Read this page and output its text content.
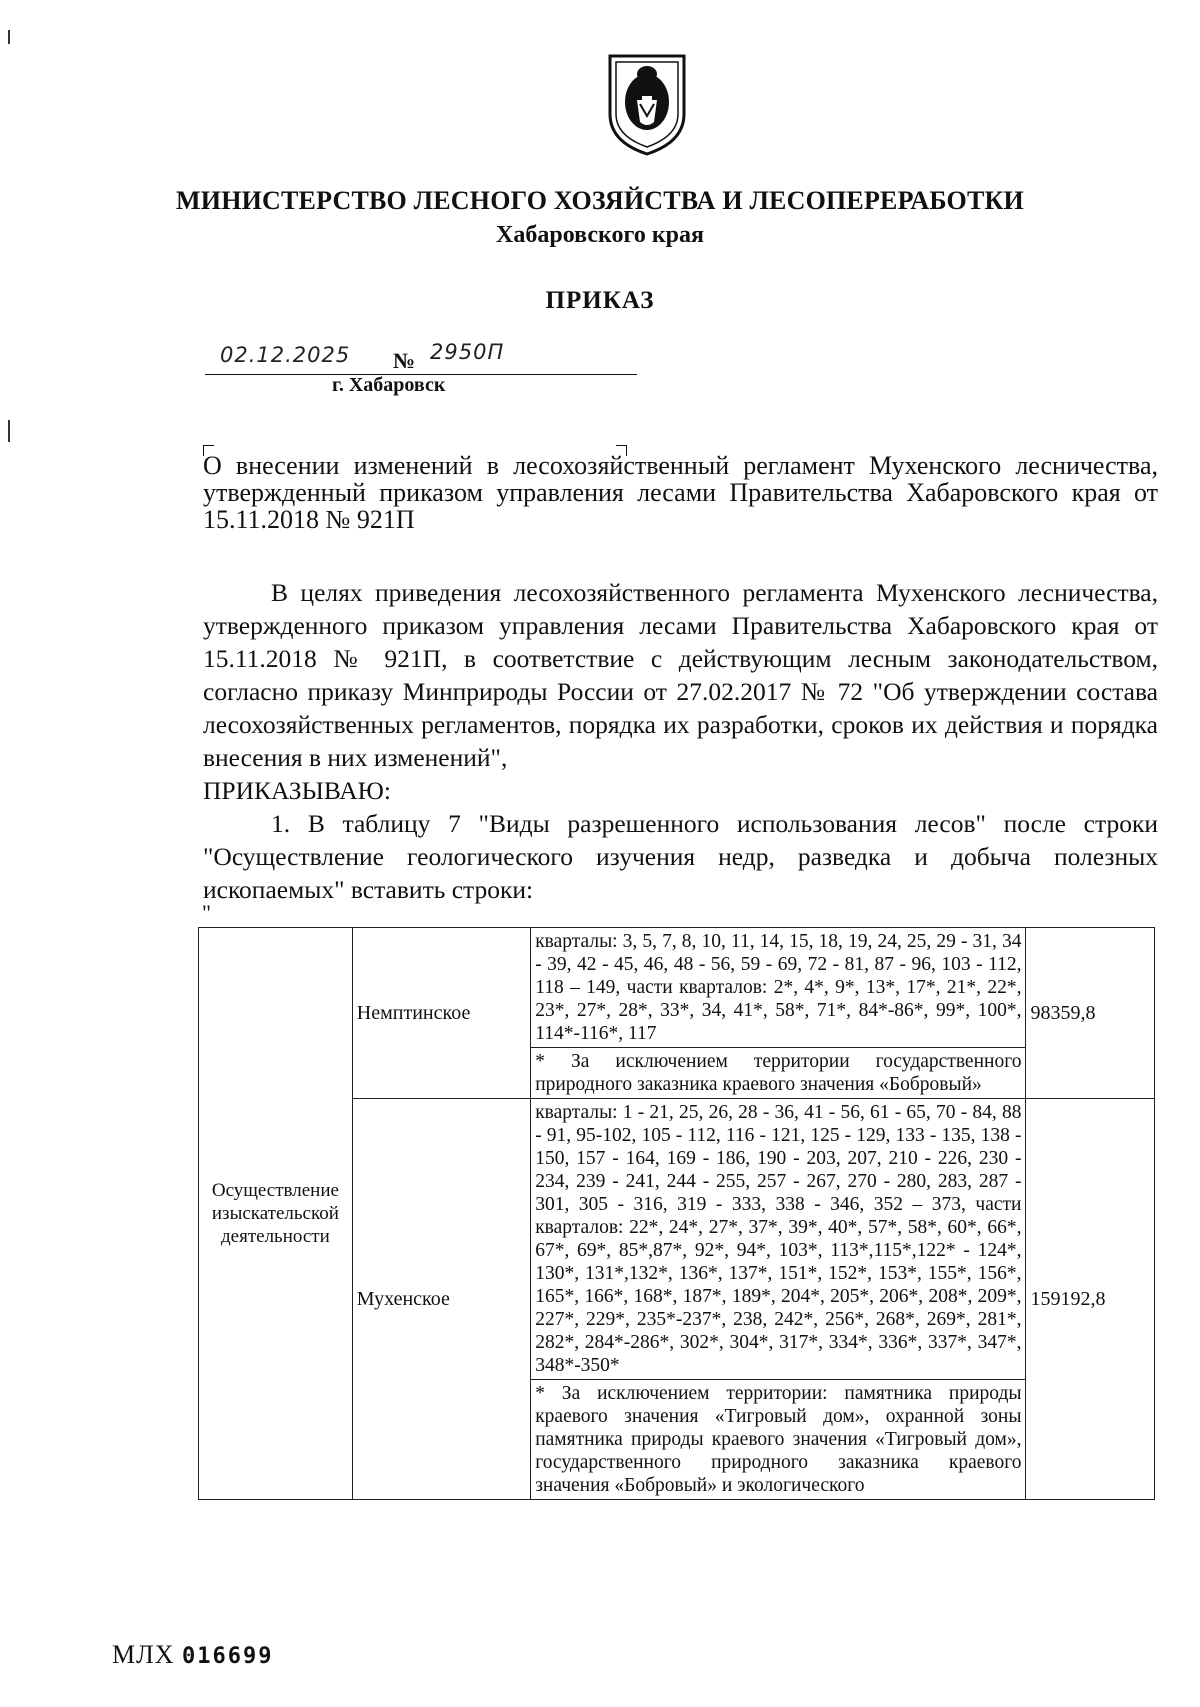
МИНИСТЕРСТВО ЛЕСНОГО ХОЗЯЙСТВА И ЛЕСОПЕРЕРАБОТКИ
Хабаровского края
ПРИКАЗ
02.12.2025 № 2950П
г. Хабаровск
О внесении изменений в лесохозяйственный регламент Мухенского лесничества, утвержденный приказом управления лесами Правительства Хабаровского края от 15.11.2018 № 921П

В целях приведения лесохозяйственного регламента Мухенского лесничества, утвержденного приказом управления лесами Правительства Хабаровского края от 15.11.2018 № 921П, в соответствие с действующим лесным законодательством, согласно приказу Минприроды России от 27.02.2017 № 72 "Об утверждении состава лесохозяйственных регламентов, порядка их разработки, сроков их действия и порядка внесения в них изменений",

ПРИКАЗЫВАЮ:

1. В таблицу 7 "Виды разрешенного использования лесов" после строки "Осуществление геологического изучения недр, разведка и добыча полезных ископаемых" вставить строки:

"
Осуществление изыскательской деятельности	Немптинское	кварталы: 3, 5, 7, 8, 10, 11, 14, 15, 18, 19, 24, 25, 29 - 31, 34 - 39, 42 - 45, 46, 48 - 56, 59 - 69, 72 - 81, 87 - 96, 103 - 112, 118 – 149, части кварталов: 2*, 4*, 9*, 13*, 17*, 21*, 22*, 23*, 27*, 28*, 33*, 34, 41*, 58*, 71*, 84*-86*, 99*, 100*, 114*-116*, 117	98359,8
		* За исключением территории государственного природного заказника краевого значения «Бобровый»	
	Мухенское	кварталы: 1 - 21, 25, 26, 28 - 36, 41 - 56, 61 - 65, 70 - 84, 88 - 91, 95-102, 105 - 112, 116 - 121, 125 - 129, 133 - 135, 138 - 150, 157 - 164, 169 - 186, 190 - 203, 207, 210 - 226, 230 - 234, 239 - 241, 244 - 255, 257 - 267, 270 - 280, 283, 287 - 301, 305 - 316, 319 - 333, 338 - 346, 352 – 373, части кварталов: 22*, 24*, 27*, 37*, 39*, 40*, 57*, 58*, 60*, 66*, 67*, 69*, 85*,87*, 92*, 94*, 103*, 113*,115*,122* - 124*, 130*, 131*,132*, 136*, 137*, 151*, 152*, 153*, 155*, 156*, 165*, 166*, 168*, 187*, 189*, 204*, 205*, 206*, 208*, 209*, 227*, 229*, 235*-237*, 238, 242*, 256*, 268*, 269*, 281*, 282*, 284*-286*, 302*, 304*, 317*, 334*, 336*, 337*, 347*, 348*-350*	159192,8
		* За исключением территории: памятника природы краевого значения «Тигровый дом», охранной зоны памятника природы краевого значения «Тигровый дом», государственного природного заказника краевого значения «Бобровый» и экологического	
МЛХ 016699
